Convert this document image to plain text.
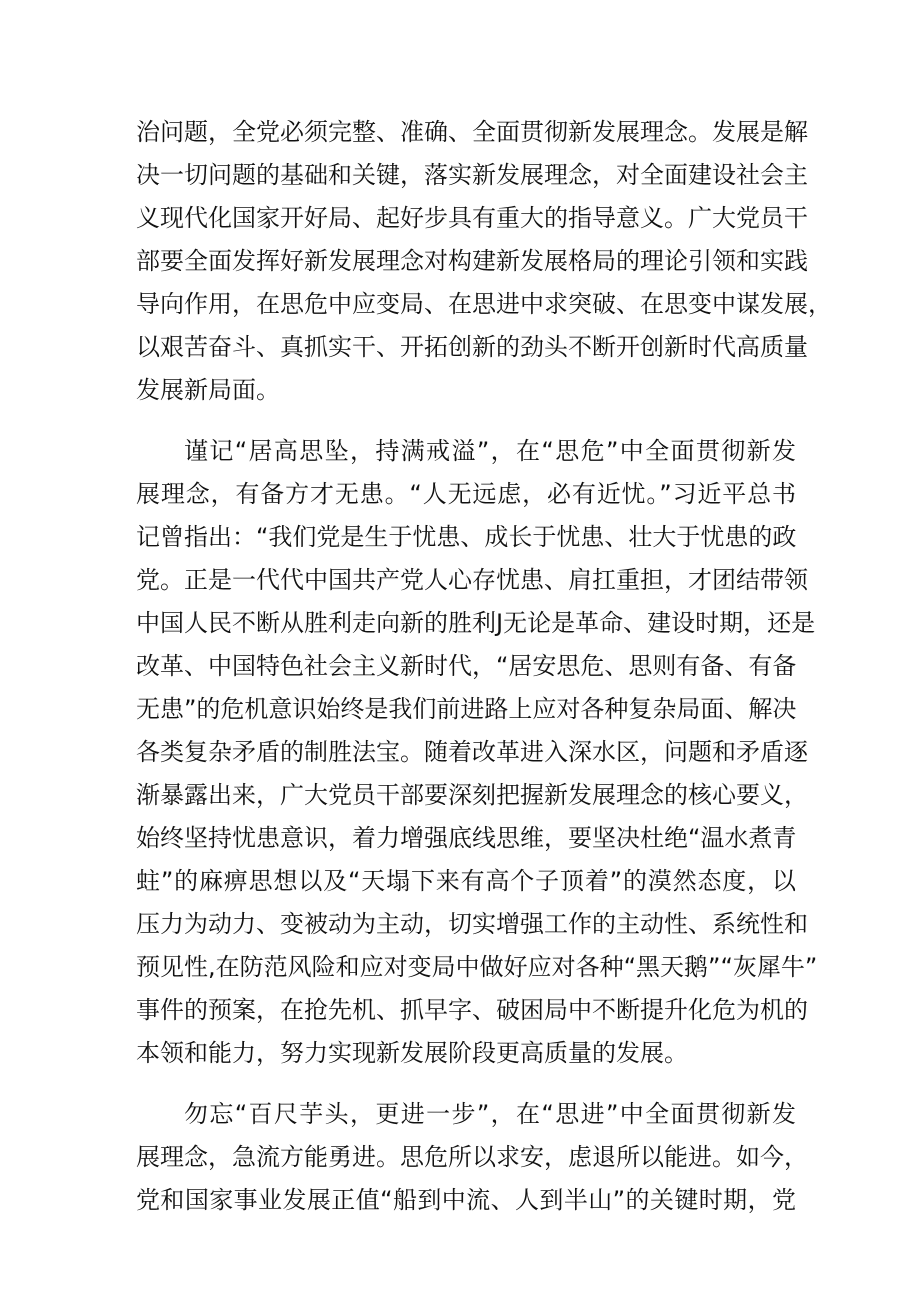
治问题，全党必须完整、准确、全面贯彻新发展理念。发展是解
决一切问题的基础和关键，落实新发展理念，对全面建设社会主
义现代化国家开好局、起好步具有重大的指导意义。广大党员干
部要全面发挥好新发展理念对构建新发展格局的理论引领和实践
导向作用，在思危中应变局、在思进中求突破、在思变中谋发展，
以艰苦奋斗、真抓实干、开拓创新的劲头不断开创新时代高质量
发展新局面。
谨记“居高思坠，持满戒溢”，在“思危”中全面贯彻新发
展理念，有备方才无患。“人无远虑，必有近忧。”习近平总书
记曾指出：“我们党是生于忧患、成长于忧患、壮大于忧患的政
党。正是一代代中国共产党人心存忧患、肩扛重担，才团结带领
中国人民不断从胜利走向新的胜利J无论是革命、建设时期，还是
改革、中国特色社会主义新时代，“居安思危、思则有备、有备
无患”的危机意识始终是我们前进路上应对各种复杂局面、解决
各类复杂矛盾的制胜法宝。随着改革进入深水区，问题和矛盾逐
渐暴露出来，广大党员干部要深刻把握新发展理念的核心要义，
始终坚持忧患意识，着力增强底线思维，要坚决杜绝“温水煮青
蛀”的麻痹思想以及“天塌下来有高个子顶着”的漠然态度，以
压力为动力、变被动为主动，切实增强工作的主动性、系统性和
预见性,在防范风险和应对变局中做好应对各种“黑天鹅”“灰犀牛”
事件的预案，在抢先机、抓早字、破困局中不断提升化危为机的
本领和能力，努力实现新发展阶段更高质量的发展。
勿忘“百尺芋头，更进一步”，在“思进”中全面贯彻新发
展理念，急流方能勇进。思危所以求安，虑退所以能进。如今，
党和国家事业发展正值“船到中流、人到半山”的关键时期，党
